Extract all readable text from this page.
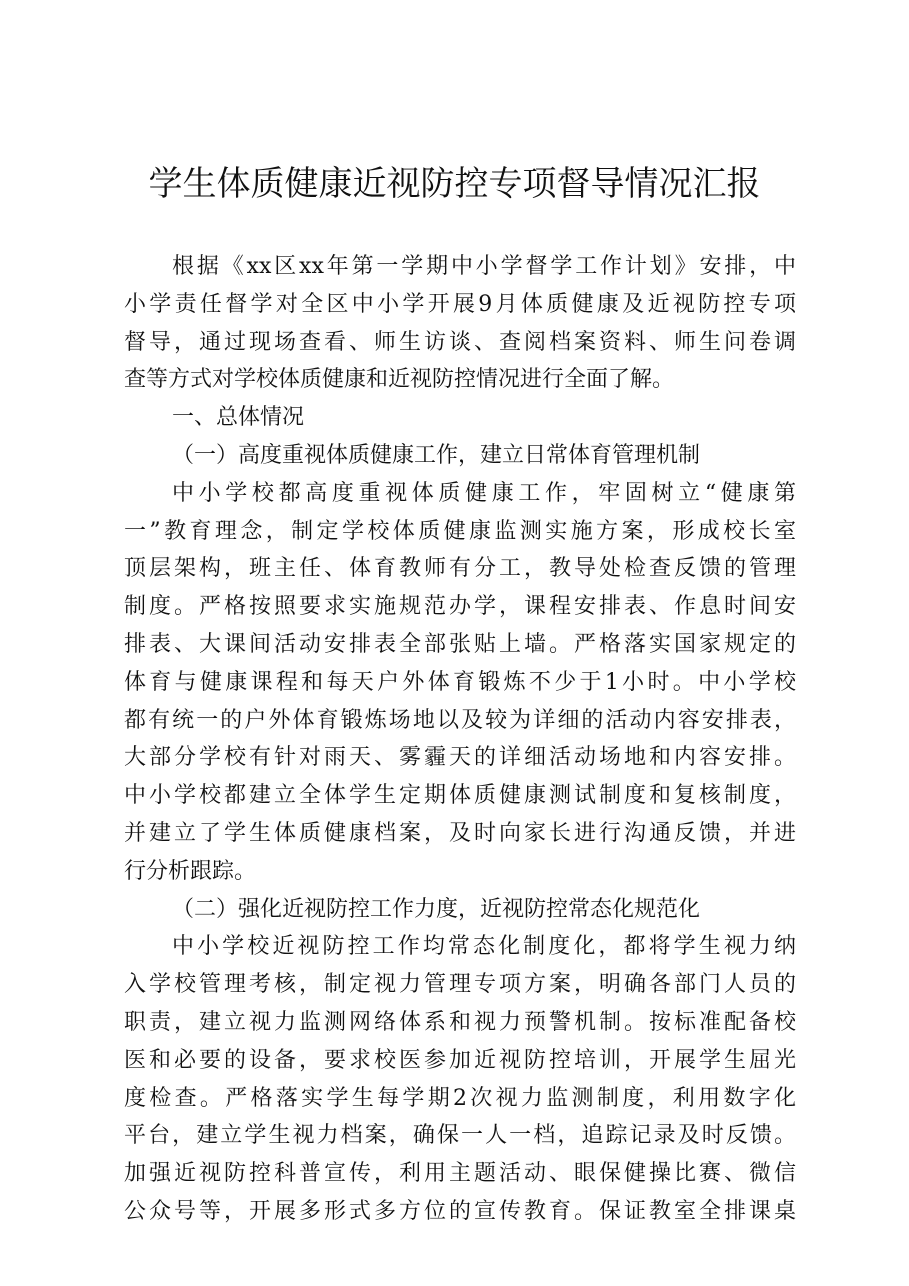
学生体质健康近视防控专项督导情况汇报
根据《xx区xx年第一学期中小学督学工作计划》安排，中
小学责任督学对全区中小学开展9月体质健康及近视防控专项
督导，通过现场查看、师生访谈、查阅档案资料、师生问卷调
查等方式对学校体质健康和近视防控情况进行全面了解。
一、总体情况
（一）高度重视体质健康工作，建立日常体育管理机制
中小学校都高度重视体质健康工作，牢固树立“健康第
一”教育理念，制定学校体质健康监测实施方案，形成校长室
顶层架构，班主任、体育教师有分工，教导处检查反馈的管理
制度。严格按照要求实施规范办学，课程安排表、作息时间安
排表、大课间活动安排表全部张贴上墙。严格落实国家规定的
体育与健康课程和每天户外体育锻炼不少于1小时。中小学校
都有统一的户外体育锻炼场地以及较为详细的活动内容安排表，
大部分学校有针对雨天、雾霾天的详细活动场地和内容安排。
中小学校都建立全体学生定期体质健康测试制度和复核制度，
并建立了学生体质健康档案，及时向家长进行沟通反馈，并进
行分析跟踪。
（二）强化近视防控工作力度，近视防控常态化规范化
中小学校近视防控工作均常态化制度化，都将学生视力纳
入学校管理考核，制定视力管理专项方案，明确各部门人员的
职责，建立视力监测网络体系和视力预警机制。按标准配备校
医和必要的设备，要求校医参加近视防控培训，开展学生屈光
度检查。严格落实学生每学期2次视力监测制度，利用数字化
平台，建立学生视力档案，确保一人一档，追踪记录及时反馈。
加强近视防控科普宣传，利用主题活动、眼保健操比赛、微信
公众号等，开展多形式多方位的宣传教育。保证教室全排课桌
